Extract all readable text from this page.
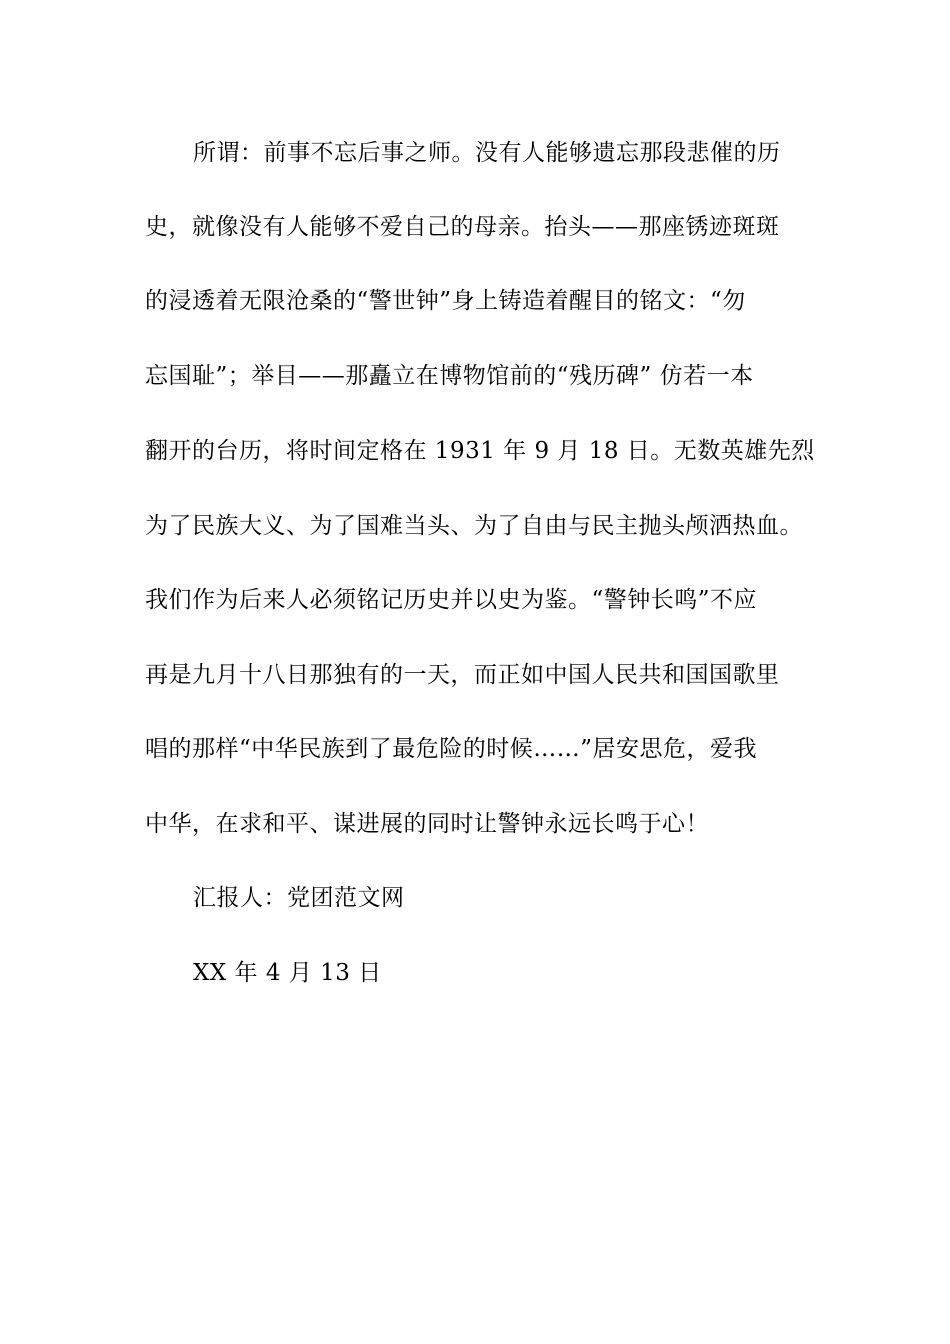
所谓：前事不忘后事之师。没有人能够遗忘那段悲催的历
史，就像没有人能够不爱自己的母亲。抬头——那座锈迹斑斑
的浸透着无限沧桑的“警世钟”身上铸造着醒目的铭文：“勿
忘国耻”；举目——那矗立在博物馆前的“残历碑” 仿若一本
翻开的台历，将时间定格在 1931 年 9 月 18 日。无数英雄先烈
为了民族大义、为了国难当头、为了自由与民主抛头颅洒热血。
我们作为后来人必须铭记历史并以史为鉴。“警钟长鸣”不应
再是九月十八日那独有的一天，而正如中国人民共和国国歌里
唱的那样“中华民族到了最危险的时候……”居安思危，爱我
中华，在求和平、谋进展的同时让警钟永远长鸣于心！
汇报人：党团范文网
XX 年 4 月 13 日
